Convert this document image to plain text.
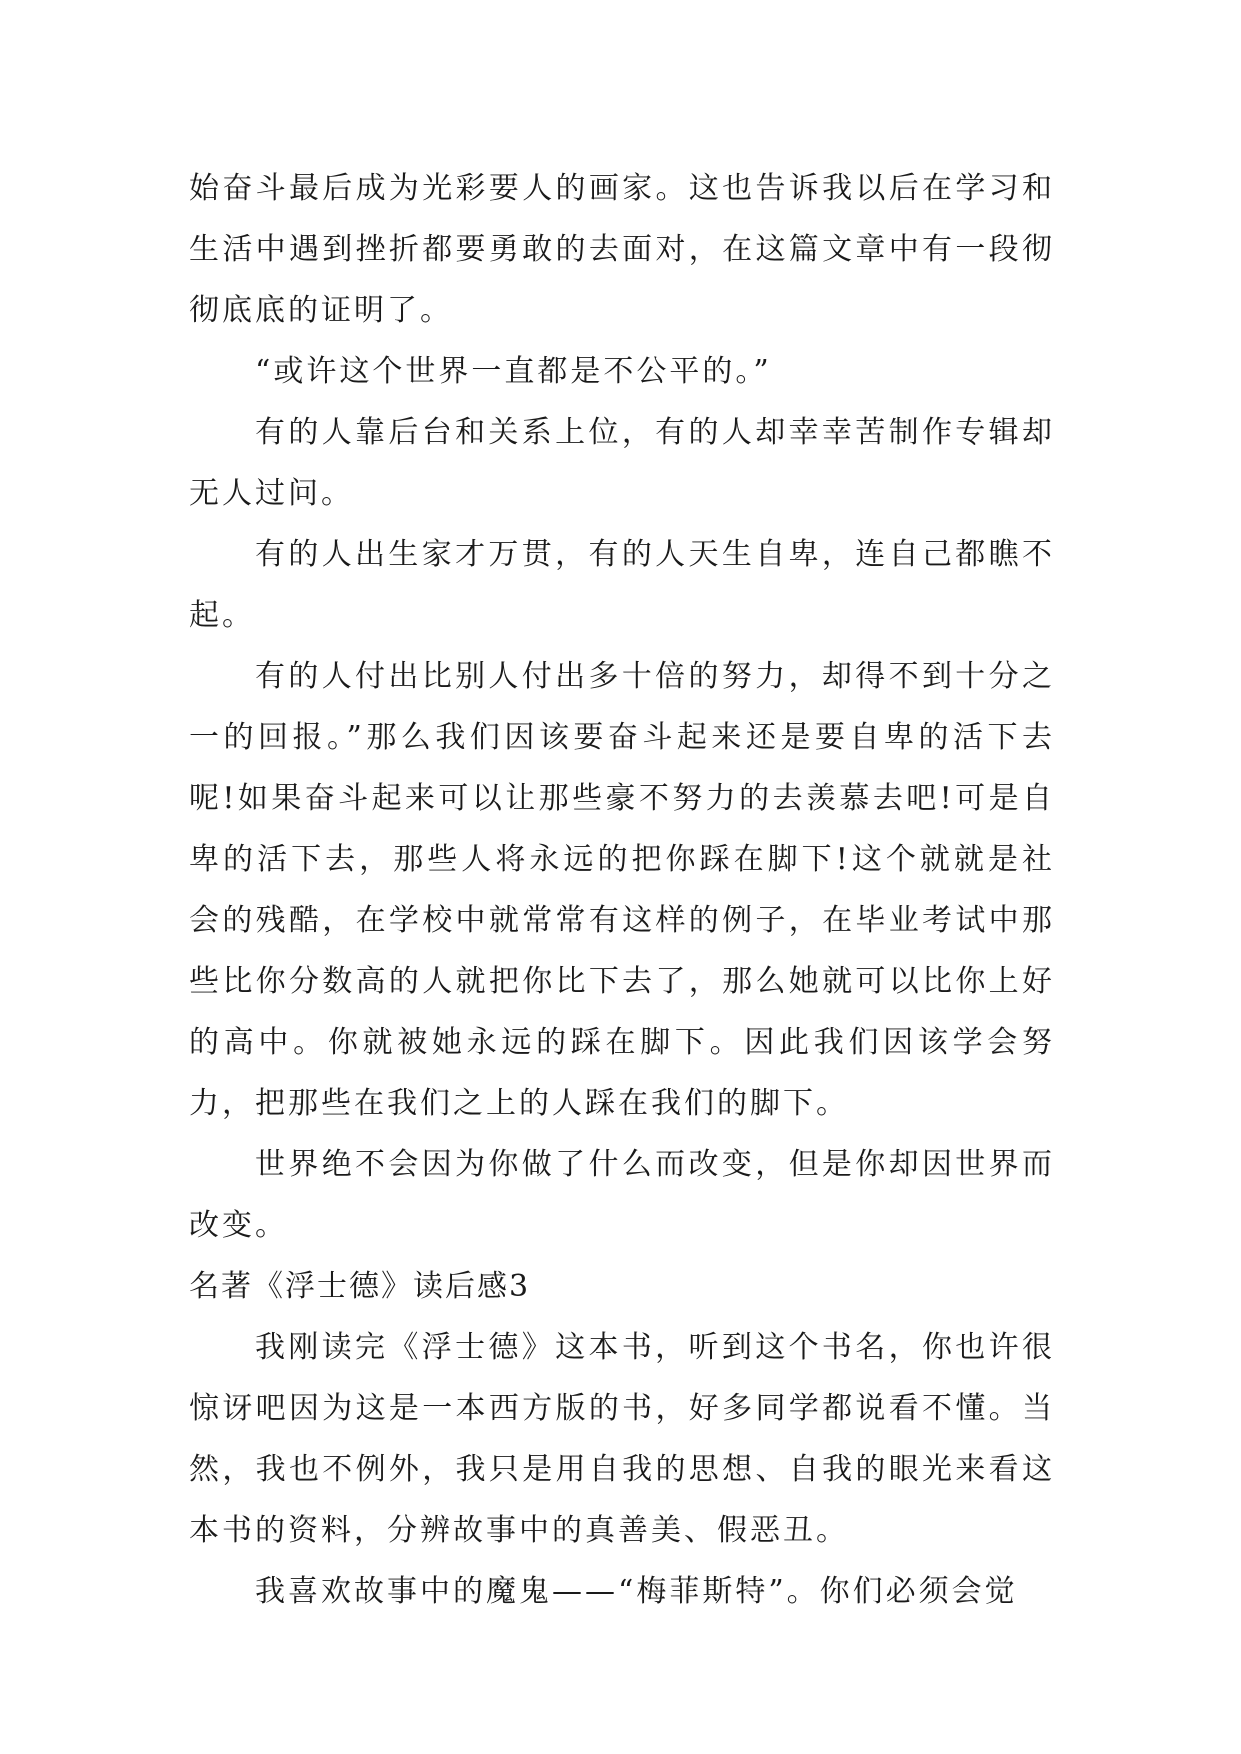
始奋斗最后成为光彩要人的画家。这也告诉我以后在学习和生活中遇到挫折都要勇敢的去面对，在这篇文章中有一段彻彻底底的证明了。

“或许这个世界一直都是不公平的。”

有的人靠后台和关系上位，有的人却幸幸苦制作专辑却无人过问。

有的人出生家才万贯，有的人天生自卑，连自己都瞧不起。

有的人付出比别人付出多十倍的努力，却得不到十分之一的回报。”那么我们因该要奋斗起来还是要自卑的活下去呢!如果奋斗起来可以让那些豪不努力的去羡慕去吧!可是自卑的活下去，那些人将永远的把你踩在脚下!这个就就是社会的残酷，在学校中就常常有这样的例子，在毕业考试中那些比你分数高的人就把你比下去了，那么她就可以比你上好的高中。你就被她永远的踩在脚下。因此我们因该学会努力，把那些在我们之上的人踩在我们的脚下。

世界绝不会因为你做了什么而改变，但是你却因世界而改变。

名著《浮士德》读后感3

我刚读完《浮士德》这本书，听到这个书名，你也许很惊讶吧因为这是一本西方版的书，好多同学都说看不懂。当然，我也不例外，我只是用自我的思想、自我的眼光来看这本书的资料，分辨故事中的真善美、假恶丑。

我喜欢故事中的魔鬼——“梅菲斯特”。你们必须会觉
